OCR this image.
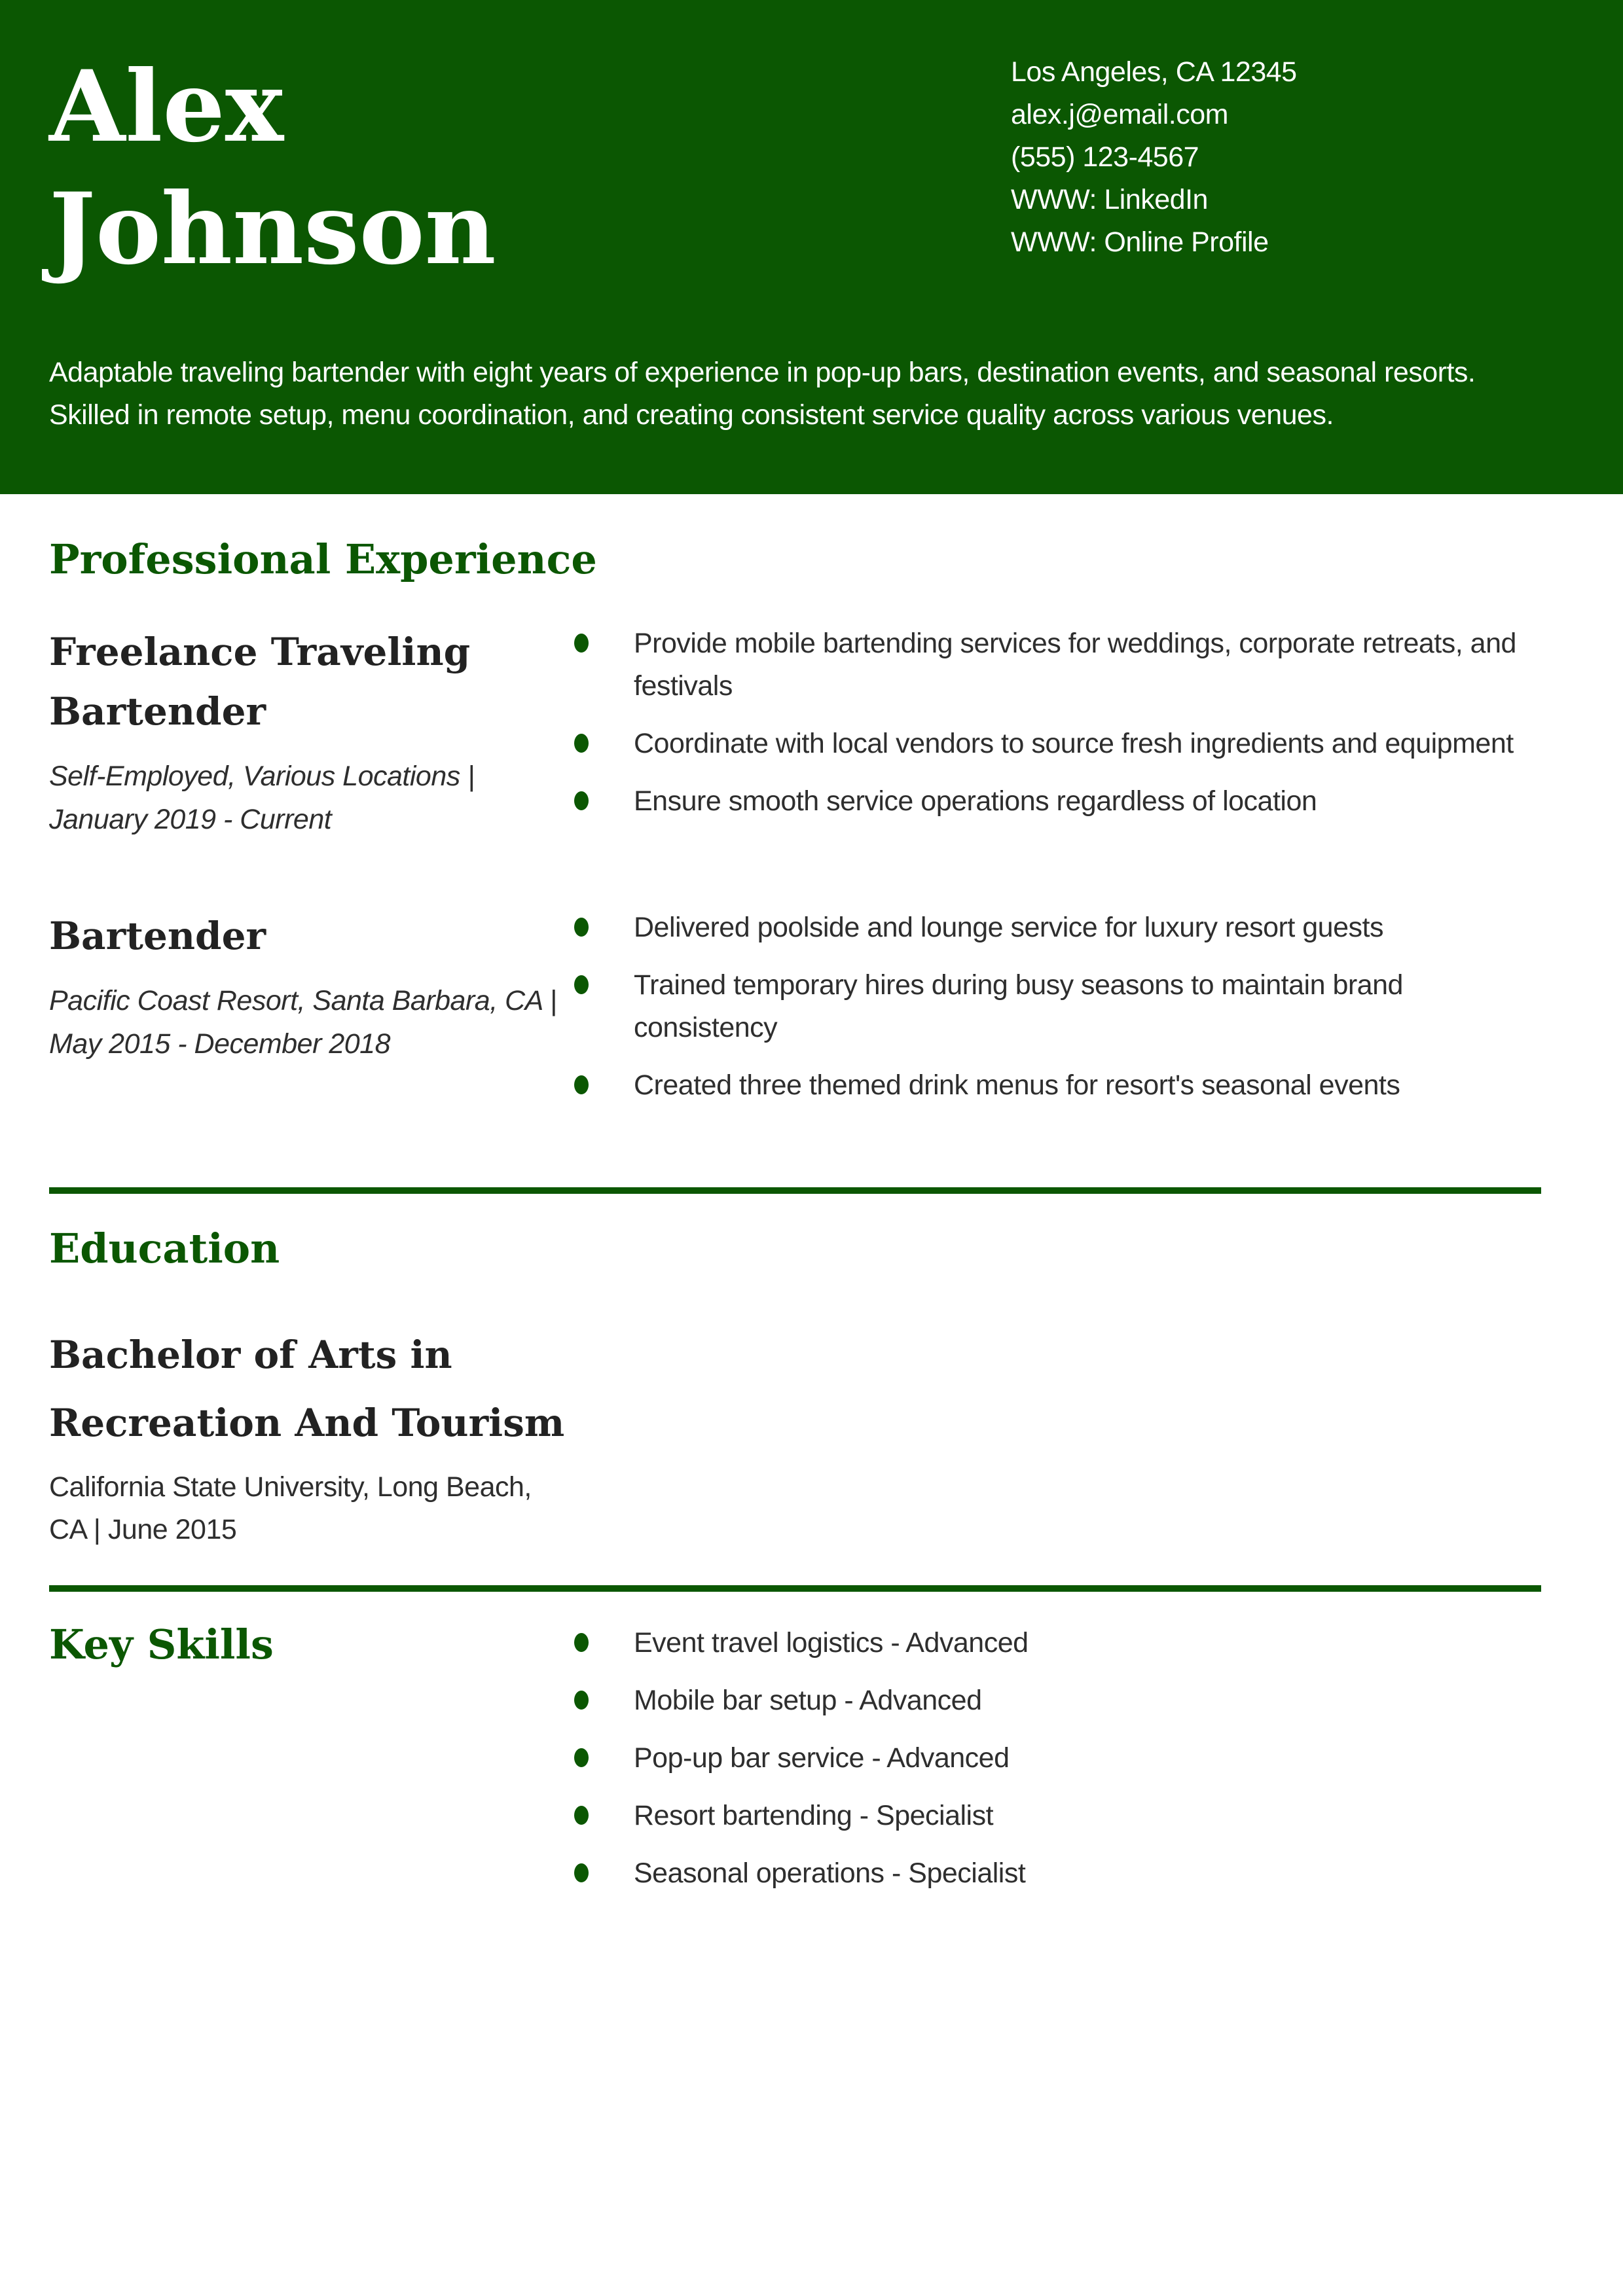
Alex Johnson
Los Angeles, CA 12345
alex.j@email.com
(555) 123-4567
WWW: LinkedIn
WWW: Online Profile
Adaptable traveling bartender with eight years of experience in pop-up bars, destination events, and seasonal resorts. Skilled in remote setup, menu coordination, and creating consistent service quality across various venues.
Professional Experience
Freelance Traveling Bartender
Self-Employed, Various Locations | January 2019 - Current
Provide mobile bartending services for weddings, corporate retreats, and festivals
Coordinate with local vendors to source fresh ingredients and equipment
Ensure smooth service operations regardless of location
Bartender
Pacific Coast Resort, Santa Barbara, CA | May 2015 - December 2018
Delivered poolside and lounge service for luxury resort guests
Trained temporary hires during busy seasons to maintain brand consistency
Created three themed drink menus for resort's seasonal events
Education
Bachelor of Arts in Recreation And Tourism
California State University, Long Beach, CA | June 2015
Key Skills	Event travel logistics - Advanced
Mobile bar setup - Advanced
Pop-up bar service - Advanced
Resort bartending - Specialist
Seasonal operations - Specialist
